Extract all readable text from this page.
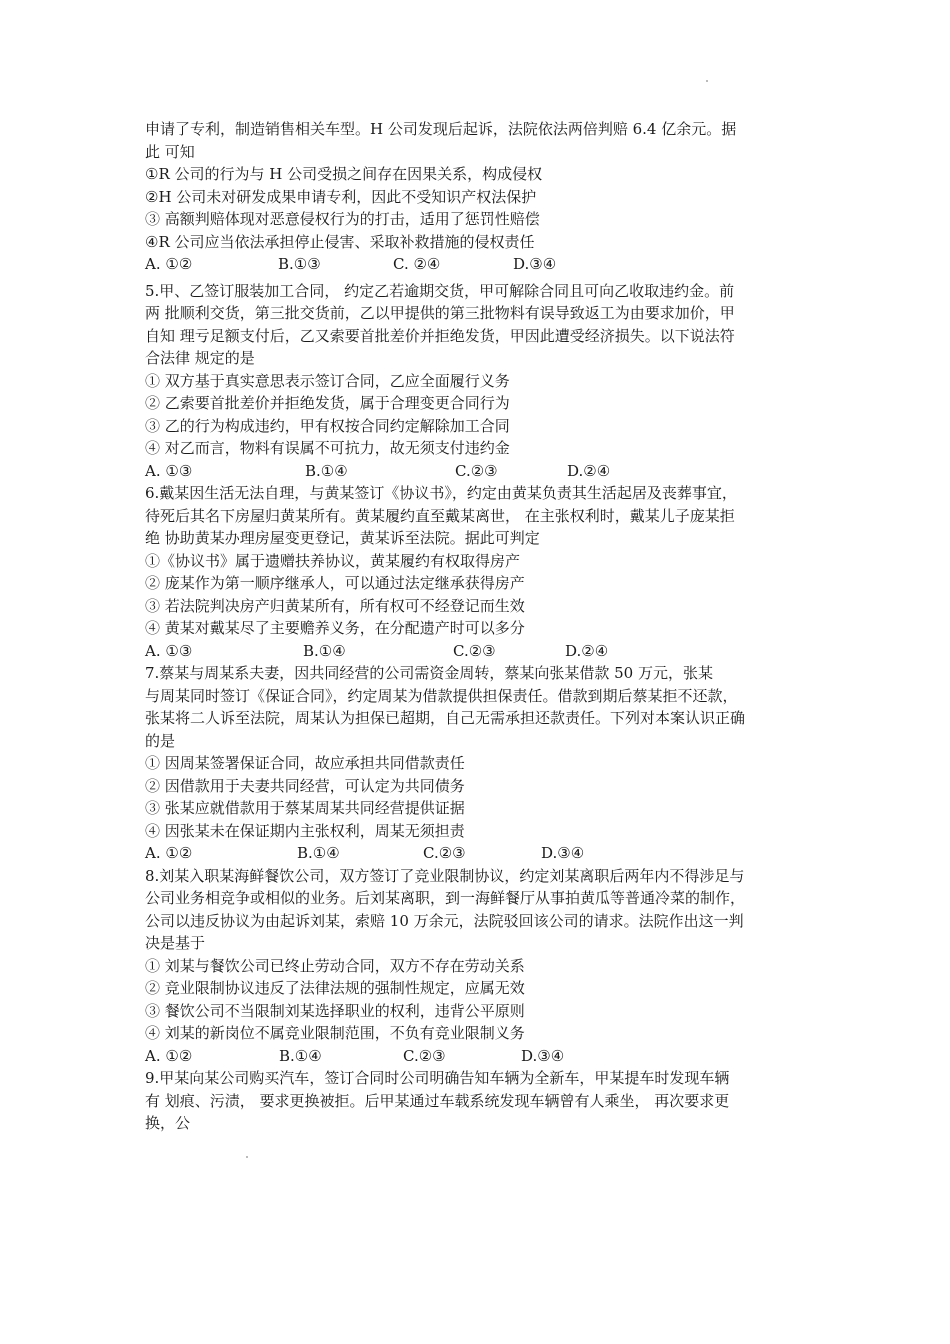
申请了专利，制造销售相关车型。H 公司发现后起诉，法院依法两倍判赔 6.4 亿余元。据
此 可知
①R 公司的行为与 H 公司受损之间存在因果关系，构成侵权
②H 公司未对研发成果申请专利，因此不受知识产权法保护
③ 高额判赔体现对恶意侵权行为的打击，适用了惩罚性赔偿
④R 公司应当依法承担停止侵害、采取补救措施的侵权责任
A. ①②	B.①③	C. ②④	D.③④
5.甲、乙签订服装加工合同， 约定乙若逾期交货，甲可解除合同且可向乙收取违约金。前
两 批顺利交货，第三批交货前，乙以甲提供的第三批物料有误导致返工为由要求加价，甲
自知 理亏足额支付后，乙又索要首批差价并拒绝发货，甲因此遭受经济损失。以下说法符
合法律 规定的是
① 双方基于真实意思表示签订合同，乙应全面履行义务
② 乙索要首批差价并拒绝发货，属于合理变更合同行为
③ 乙的行为构成违约，甲有权按合同约定解除加工合同
④ 对乙而言，物料有误属不可抗力，故无须支付违约金
A. ①③	B.①④	C.②③	D.②④
6.戴某因生活无法自理，与黄某签订《协议书》，约定由黄某负责其生活起居及丧葬事宜，
待死后其名下房屋归黄某所有。黄某履约直至戴某离世， 在主张权利时，戴某儿子庞某拒
绝 协助黄某办理房屋变更登记，黄某诉至法院。据此可判定
①《协议书》属于遗赠扶养协议，黄某履约有权取得房产
② 庞某作为第一顺序继承人，可以通过法定继承获得房产
③ 若法院判决房产归黄某所有，所有权可不经登记而生效
④ 黄某对戴某尽了主要赡养义务，在分配遗产时可以多分
A. ①③	B.①④	C.②③	D.②④
7.蔡某与周某系夫妻，因共同经营的公司需资金周转，蔡某向张某借款 50 万元，张某
与周某同时签订《保证合同》，约定周某为借款提供担保责任。借款到期后蔡某拒不还款，
张某将二人诉至法院，周某认为担保已超期，自己无需承担还款责任。下列对本案认识正确
的是
① 因周某签署保证合同，故应承担共同借款责任
② 因借款用于夫妻共同经营，可认定为共同债务
③ 张某应就借款用于蔡某周某共同经营提供证据
④ 因张某未在保证期内主张权利，周某无须担责
A. ①②	B.①④	C.②③	D.③④
8.刘某入职某海鲜餐饮公司，双方签订了竞业限制协议，约定刘某离职后两年内不得涉足与
公司业务相竞争或相似的业务。后刘某离职，到一海鲜餐厅从事拍黄瓜等普通冷菜的制作，
公司以违反协议为由起诉刘某，索赔 10 万余元，法院驳回该公司的请求。法院作出这一判
决是基于
① 刘某与餐饮公司已终止劳动合同，双方不存在劳动关系
② 竞业限制协议违反了法律法规的强制性规定，应属无效
③ 餐饮公司不当限制刘某选择职业的权利，违背公平原则
④ 刘某的新岗位不属竞业限制范围，不负有竞业限制义务
A. ①②	B.①④	C.②③	D.③④
9.甲某向某公司购买汽车，签订合同时公司明确告知车辆为全新车，甲某提车时发现车辆
有 划痕、污渍， 要求更换被拒。后甲某通过车载系统发现车辆曾有人乘坐， 再次要求更
换，公
